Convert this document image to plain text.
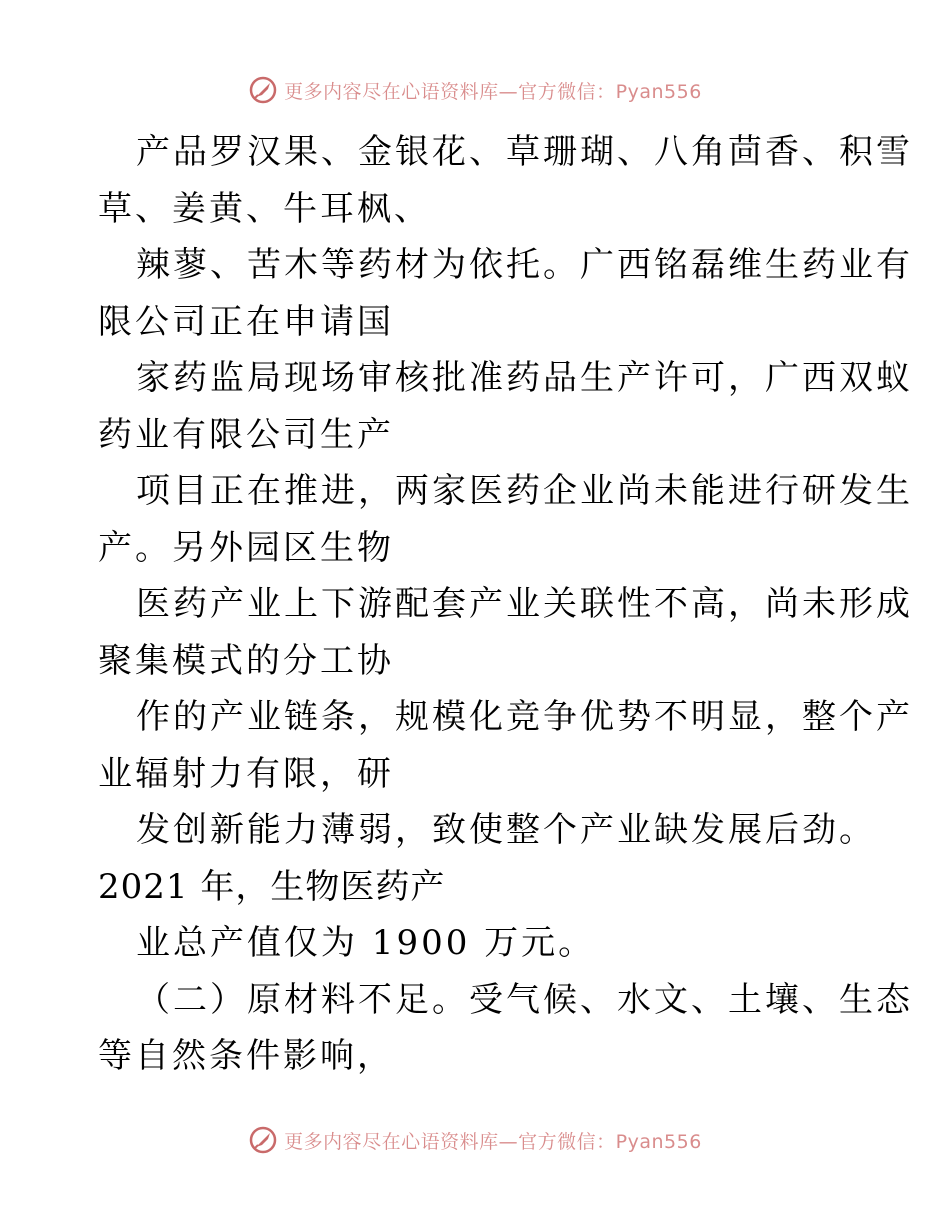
更多内容尽在心语资料库—官方微信：Pyan556
产品罗汉果、金银花、草珊瑚、八角茴香、积雪
草、姜黄、牛耳枫、
辣蓼、苦木等药材为依托。广西铭磊维生药业有
限公司正在申请国
家药监局现场审核批准药品生产许可，广西双蚁
药业有限公司生产
项目正在推进，两家医药企业尚未能进行研发生
产。另外园区生物
医药产业上下游配套产业关联性不高，尚未形成
聚集模式的分工协
作的产业链条，规模化竞争优势不明显，整个产
业辐射力有限，研
发创新能力薄弱，致使整个产业缺发展后劲。
2021 年，生物医药产
业总产值仅为 1900 万元。
（二）原材料不足。受气候、水文、土壤、生态
等自然条件影响，
更多内容尽在心语资料库—官方微信：Pyan556
